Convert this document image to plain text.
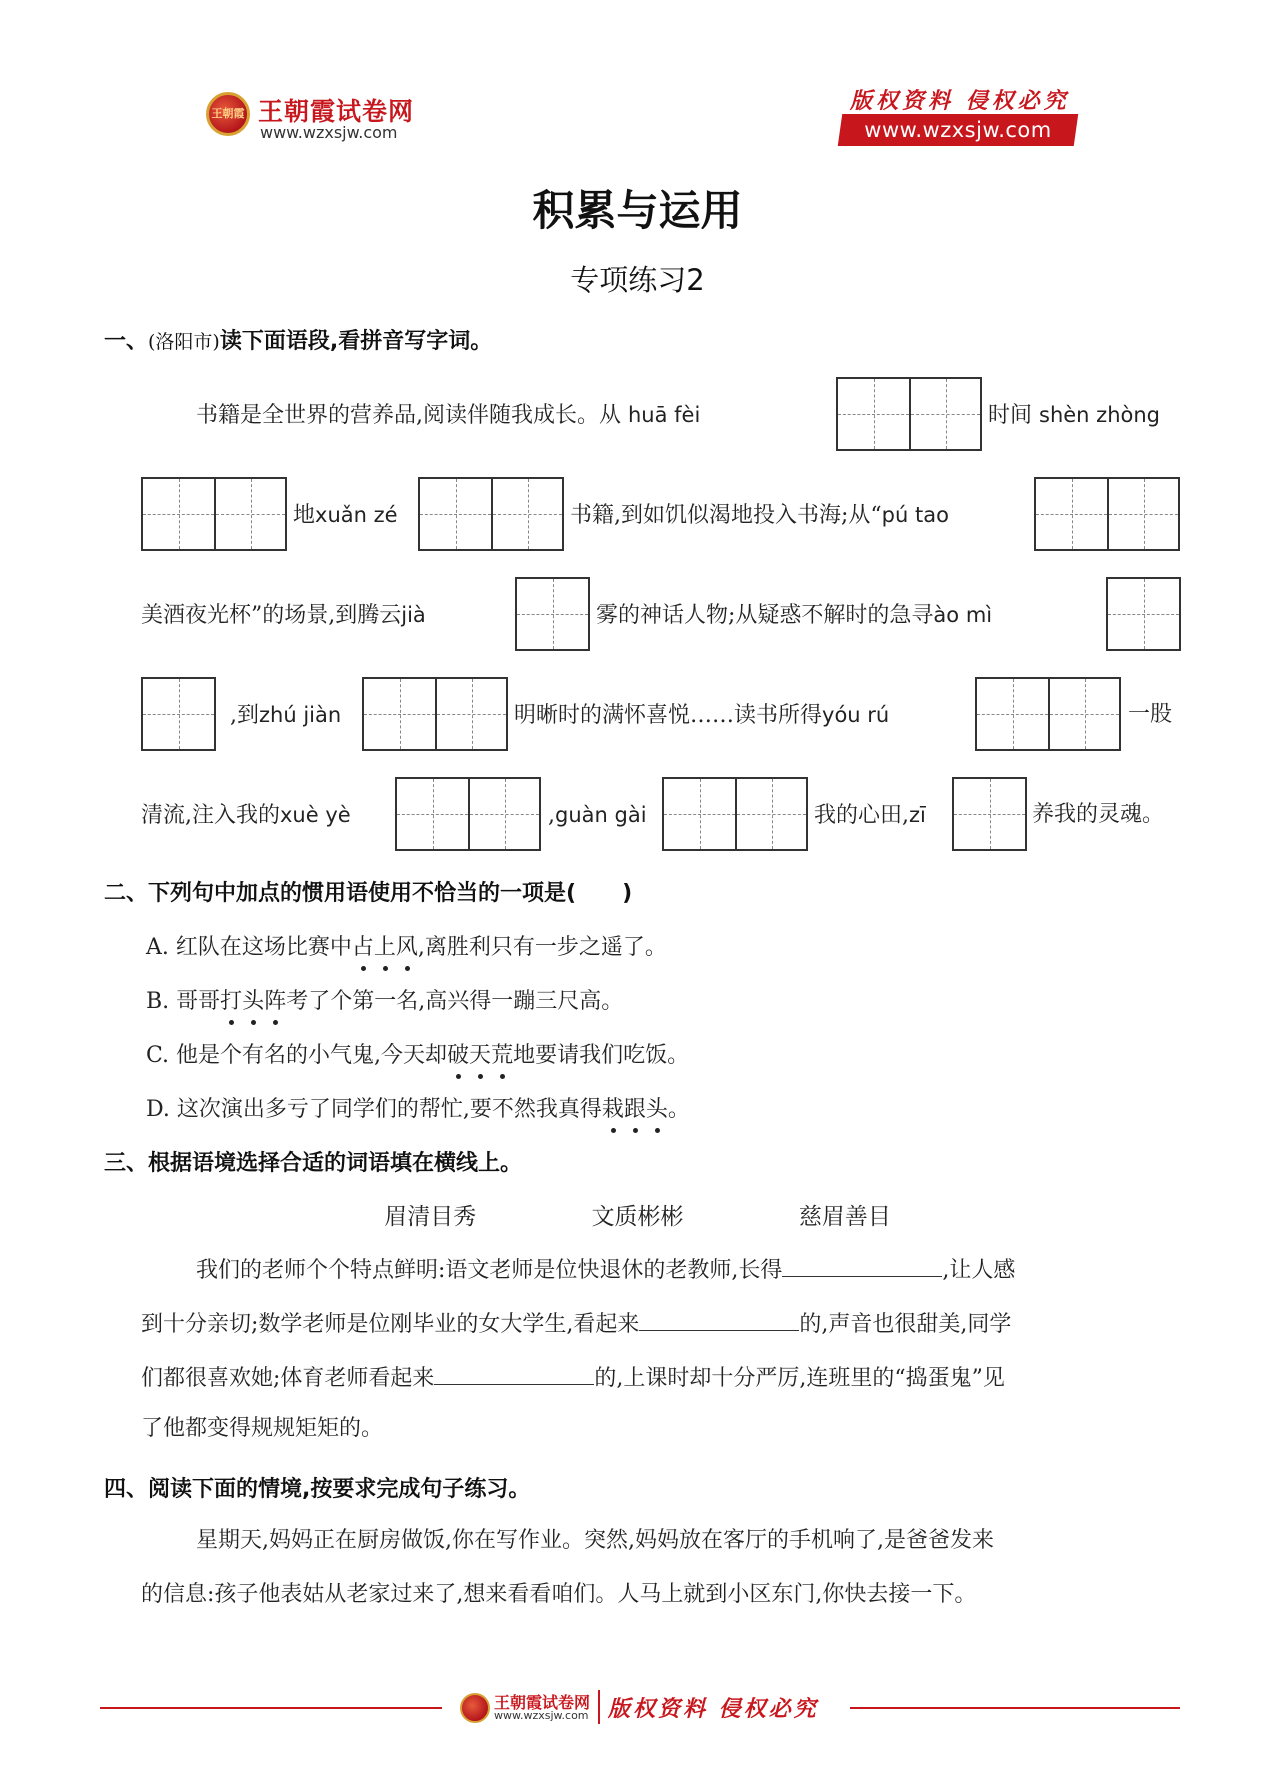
王朝霞 王朝霞试卷网
www.wzxsjw.com
版权资料 侵权必究
www.wzxsjw.com
积累与运用
专项练习2
一、(洛阳市)读下面语段,看拼音写字词。
书籍是全世界的营养品,阅读伴随我成长。从 huā fèi	时间 shèn zhòng
地xuǎn zé	书籍,到如饥似渴地投入书海;从“pú tao
美酒夜光杯”的场景,到腾云jià	雾的神话人物;从疑惑不解时的急寻ào mì
,到zhú jiàn	明晰时的满怀喜悦……读书所得yóu rú	一股
清流,注入我的xuè yè	,guàn gài	我的心田,zī	养我的灵魂。
二、下列句中加点的惯用语使用不恰当的一项是( )
A. 红队在这场比赛中占上风,离胜利只有一步之遥了。
B. 哥哥打头阵考了个第一名,高兴得一蹦三尺高。
C. 他是个有名的小气鬼,今天却破天荒地要请我们吃饭。
D. 这次演出多亏了同学们的帮忙,要不然我真得栽跟头。
三、根据语境选择合适的词语填在横线上。
眉清目秀	文质彬彬	慈眉善目
我们的老师个个特点鲜明:语文老师是位快退休的老教师,长得	,让人感
到十分亲切;数学老师是位刚毕业的女大学生,看起来	的,声音也很甜美,同学
们都很喜欢她;体育老师看起来	的,上课时却十分严厉,连班里的“捣蛋鬼”见
了他都变得规规矩矩的。
四、阅读下面的情境,按要求完成句子练习。
星期天,妈妈正在厨房做饭,你在写作业。突然,妈妈放在客厅的手机响了,是爸爸发来
的信息:孩子他表姑从老家过来了,想来看看咱们。人马上就到小区东门,你快去接一下。
王朝霞试卷网
www.wzxsjw.com 版权资料 侵权必究
